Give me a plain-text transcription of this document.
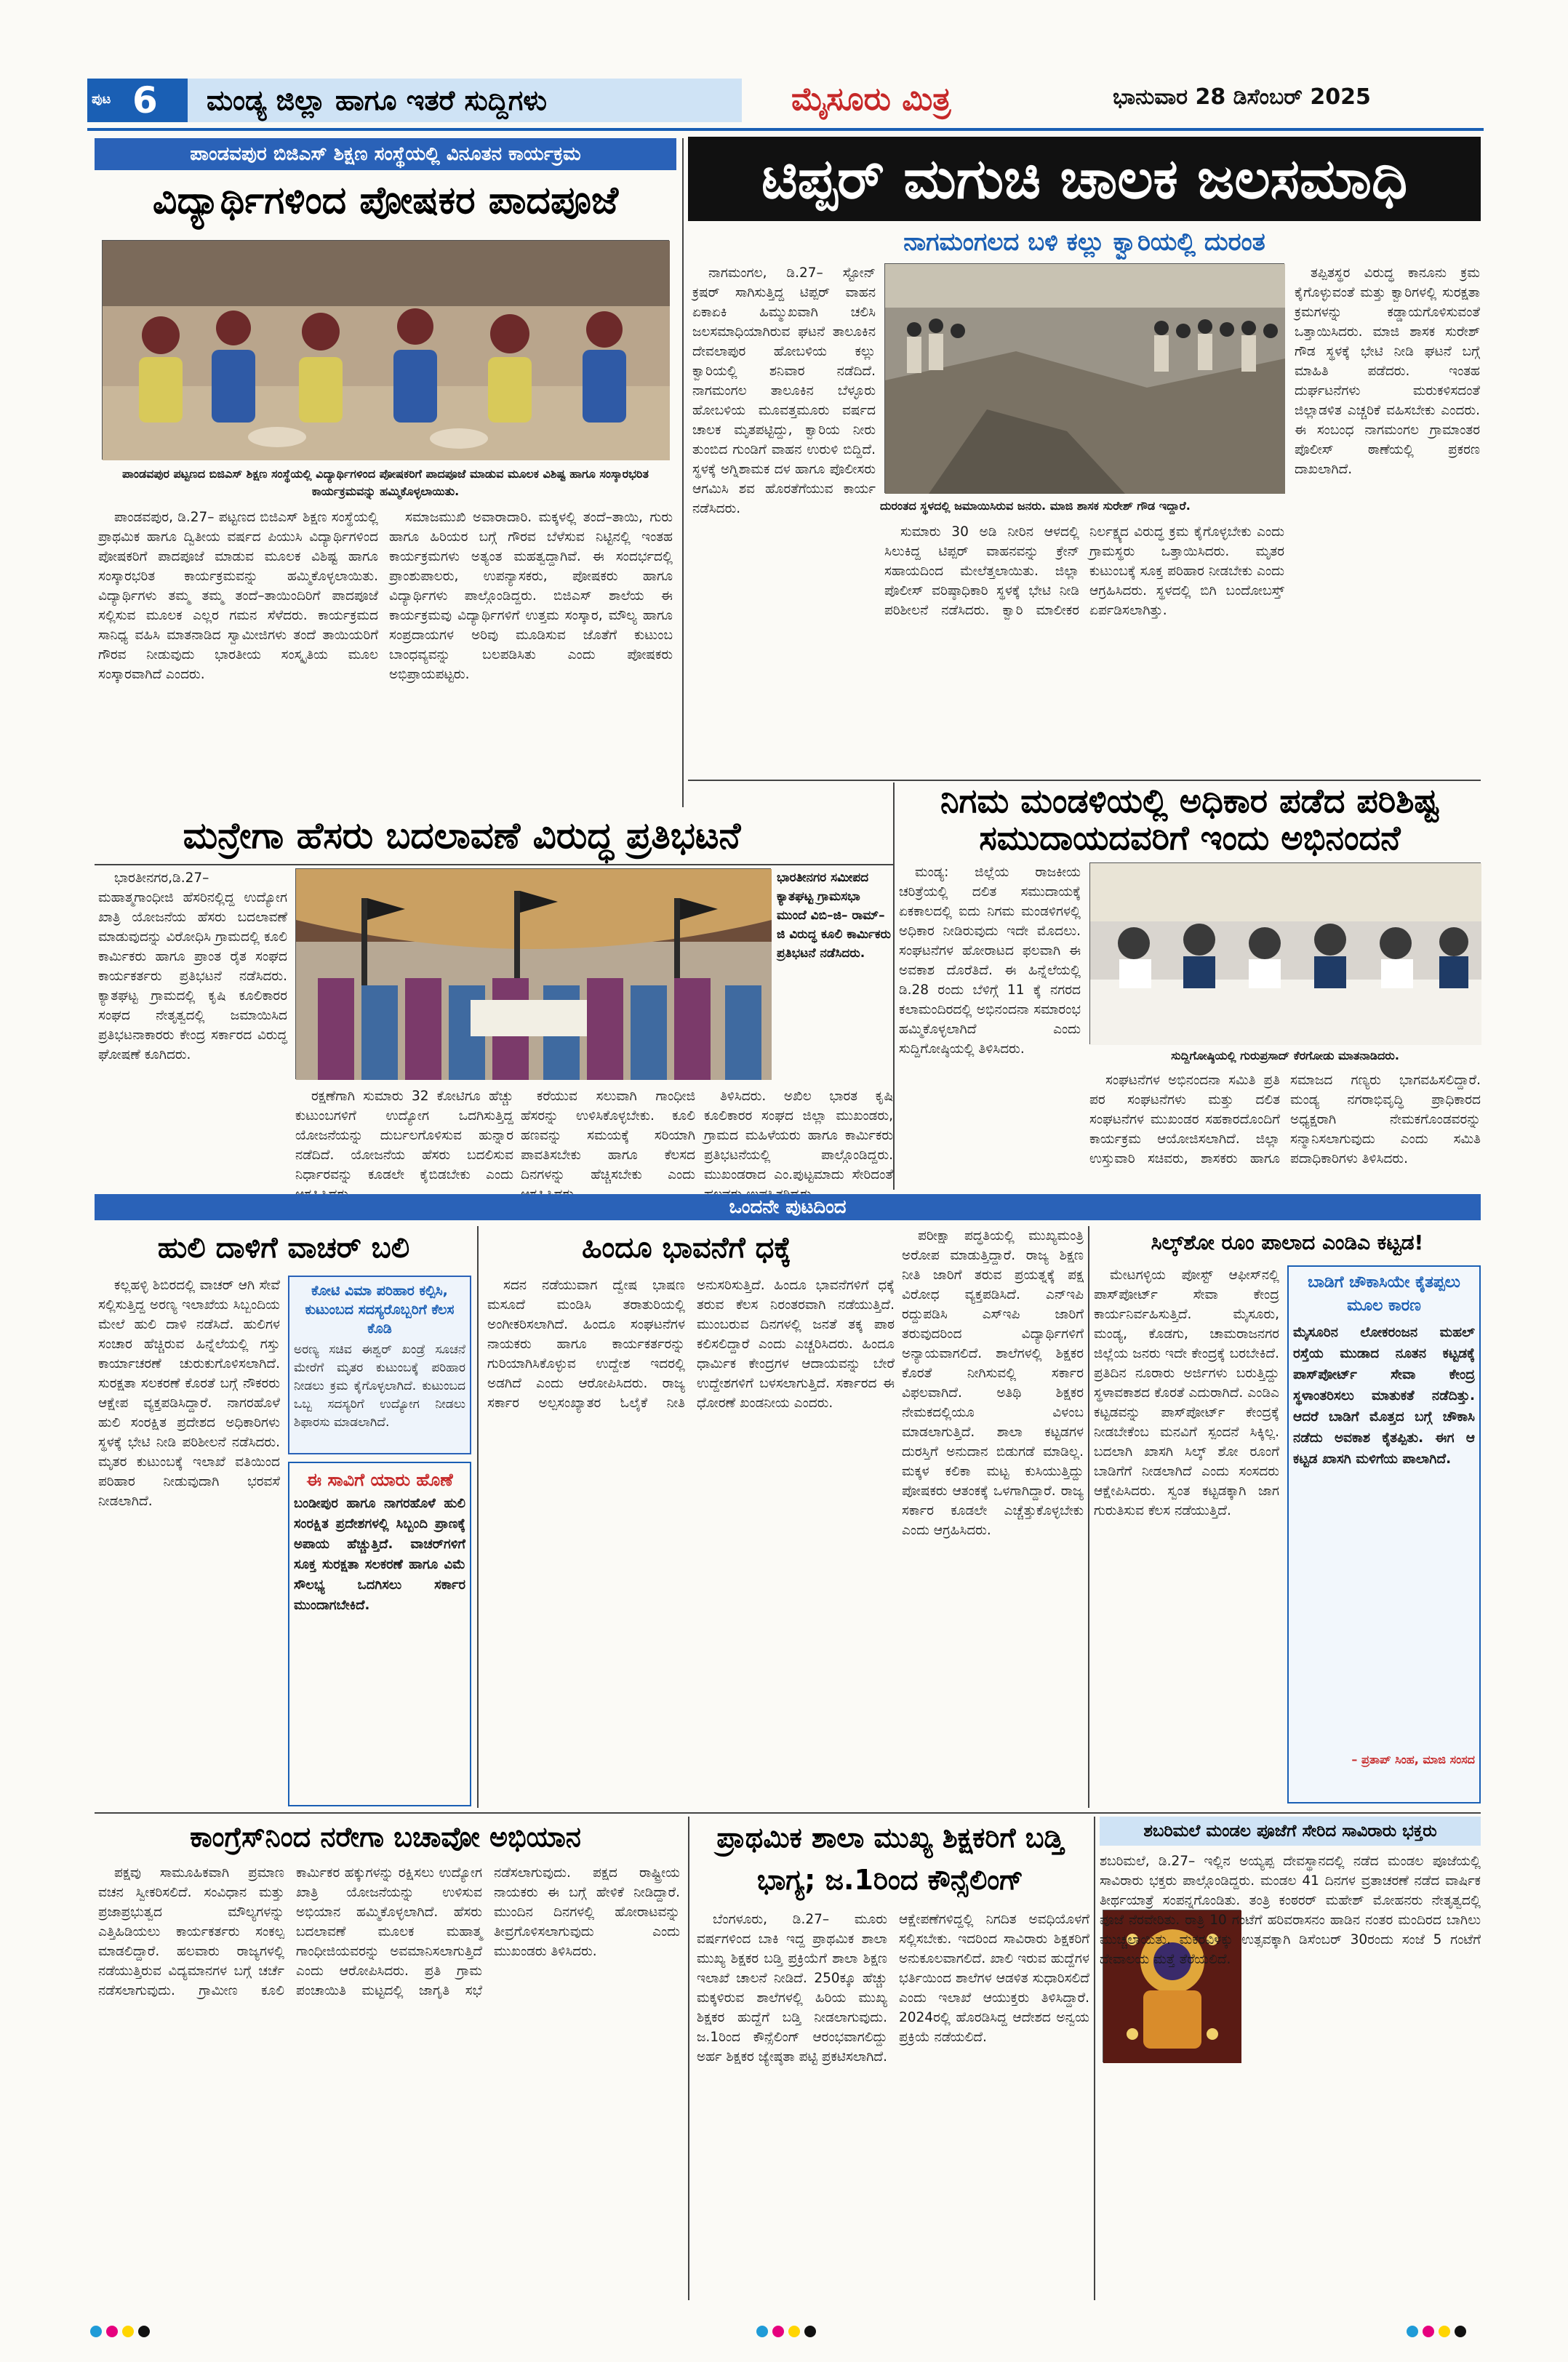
ಪುಟ 6 ಮಂಡ್ಯ ಜಿಲ್ಲಾ ಹಾಗೂ ಇತರೆ ಸುದ್ದಿಗಳು	ಮೈಸೂರು ಮಿತ್ರ	ಭಾನುವಾರ 28 ಡಿಸೆಂಬರ್ 2025
ಪಾಂಡವಪುರ ಬಿಜಿಎಸ್ ಶಿಕ್ಷಣ ಸಂಸ್ಥೆಯಲ್ಲಿ ವಿನೂತನ ಕಾರ್ಯಕ್ರಮ
ವಿದ್ಯಾರ್ಥಿಗಳಿಂದ ಪೋಷಕರ ಪಾದಪೂಜೆ
ಪಾಂಡವಪುರ ಪಟ್ಟಣದ ಬಿಜಿಎಸ್ ಶಿಕ್ಷಣ ಸಂಸ್ಥೆಯಲ್ಲಿ ವಿದ್ಯಾರ್ಥಿಗಳಿಂದ ಪೋಷಕರಿಗೆ ಪಾದಪೂಜೆ ಮಾಡುವ ಮೂಲಕ ವಿಶಿಷ್ಟ ಹಾಗೂ ಸಂಸ್ಕಾರಭರಿತ ಕಾರ್ಯಕ್ರಮವನ್ನು ಹಮ್ಮಿಕೊಳ್ಳಲಾಯಿತು.

ಪಾಂಡವಪುರ, ಡಿ.27– ಪಟ್ಟಣದ ಬಿಜಿಎಸ್ ಶಿಕ್ಷಣ ಸಂಸ್ಥೆಯಲ್ಲಿ ಪ್ರಾಥಮಿಕ ಹಾಗೂ ದ್ವಿತೀಯ ವರ್ಷದ ಪಿಯುಸಿ ವಿದ್ಯಾರ್ಥಿಗಳಿಂದ ಪೋಷಕರಿಗೆ ಪಾದಪೂಜೆ ಮಾಡುವ ಮೂಲಕ ವಿಶಿಷ್ಟ ಹಾಗೂ ಸಂಸ್ಕಾರಭರಿತ ಕಾರ್ಯಕ್ರಮವನ್ನು ಹಮ್ಮಿಕೊಳ್ಳಲಾಯಿತು. ವಿದ್ಯಾರ್ಥಿಗಳು ತಮ್ಮ ತಮ್ಮ ತಂದೆ–ತಾಯಿಂದಿರಿಗೆ ಪಾದಪೂಜೆ ಸಲ್ಲಿಸುವ ಮೂಲಕ ಎಲ್ಲರ ಗಮನ ಸೆಳೆದರು. ಕಾರ್ಯಕ್ರಮದ ಸಾನಿಧ್ಯ ವಹಿಸಿ ಮಾತನಾಡಿದ ಸ್ವಾಮೀಜಿಗಳು ತಂದೆ ತಾಯಿಯರಿಗೆ ಗೌರವ ನೀಡುವುದು ಭಾರತೀಯ ಸಂಸ್ಕೃತಿಯ ಮೂಲ ಸಂಸ್ಕಾರವಾಗಿದೆ ಎಂದರು.

ಸಮಾಜಮುಖಿ ಅವಾರಾದಾರಿ. ಮಕ್ಕಳಲ್ಲಿ ತಂದೆ–ತಾಯಿ, ಗುರು ಹಾಗೂ ಹಿರಿಯರ ಬಗ್ಗೆ ಗೌರವ ಬೆಳೆಸುವ ನಿಟ್ಟಿನಲ್ಲಿ ಇಂತಹ ಕಾರ್ಯಕ್ರಮಗಳು ಅತ್ಯಂತ ಮಹತ್ವದ್ದಾಗಿವೆ. ಈ ಸಂದರ್ಭದಲ್ಲಿ ಪ್ರಾಂಶುಪಾಲರು, ಉಪನ್ಯಾಸಕರು, ಪೋಷಕರು ಹಾಗೂ ವಿದ್ಯಾರ್ಥಿಗಳು ಪಾಲ್ಗೊಂಡಿದ್ದರು. ಬಿಜಿಎಸ್ ಶಾಲೆಯ ಈ ಕಾರ್ಯಕ್ರಮವು ವಿದ್ಯಾರ್ಥಿಗಳಿಗೆ ಉತ್ತಮ ಸಂಸ್ಕಾರ, ಮೌಲ್ಯ ಹಾಗೂ ಸಂಪ್ರದಾಯಗಳ ಅರಿವು ಮೂಡಿಸುವ ಜೊತೆಗೆ ಕುಟುಂಬ ಬಾಂಧವ್ಯವನ್ನು ಬಲಪಡಿಸಿತು ಎಂದು ಪೋಷಕರು ಅಭಿಪ್ರಾಯಪಟ್ಟರು.

ಟಿಪ್ಪರ್ ಮಗುಚಿ ಚಾಲಕ ಜಲಸಮಾಧಿ
ನಾಗಮಂಗಲದ ಬಳಿ ಕಲ್ಲು ಕ್ವಾರಿಯಲ್ಲಿ ದುರಂತ
ದುರಂತದ ಸ್ಥಳದಲ್ಲಿ ಜಮಾಯಿಸಿರುವ ಜನರು. ಮಾಜಿ ಶಾಸಕ ಸುರೇಶ್ ಗೌಡ ಇದ್ದಾರೆ.

ನಾಗಮಂಗಲ, ಡಿ.27– ಸ್ಟೋನ್ ಕ್ರಷರ್ ಸಾಗಿಸುತ್ತಿದ್ದ ಟಿಪ್ಪರ್ ವಾಹನ ಏಕಾಏಕಿ ಹಿಮ್ಮುಖವಾಗಿ ಚಲಿಸಿ ಜಲಸಮಾಧಿಯಾಗಿರುವ ಘಟನೆ ತಾಲೂಕಿನ ದೇವಲಾಪುರ ಹೋಬಳಿಯ ಕಲ್ಲು ಕ್ವಾರಿಯಲ್ಲಿ ಶನಿವಾರ ನಡೆದಿದೆ. ನಾಗಮಂಗಲ ತಾಲೂಕಿನ ಬೆಳ್ಳೂರು ಹೋಬಳಿಯ ಮೂವತ್ತಮೂರು ವರ್ಷದ ಚಾಲಕ ಮೃತಪಟ್ಟಿದ್ದು, ಕ್ವಾರಿಯ ನೀರು ತುಂಬಿದ ಗುಂಡಿಗೆ ವಾಹನ ಉರುಳಿ ಬಿದ್ದಿದೆ. ಸ್ಥಳಕ್ಕೆ ಅಗ್ನಿಶಾಮಕ ದಳ ಹಾಗೂ ಪೊಲೀಸರು ಆಗಮಿಸಿ ಶವ ಹೊರತೆಗೆಯುವ ಕಾರ್ಯ ನಡೆಸಿದರು.

ಸುಮಾರು 30 ಅಡಿ ನೀರಿನ ಆಳದಲ್ಲಿ ಸಿಲುಕಿದ್ದ ಟಿಪ್ಪರ್ ವಾಹನವನ್ನು ಕ್ರೇನ್ ಸಹಾಯದಿಂದ ಮೇಲೆತ್ತಲಾಯಿತು. ಜಿಲ್ಲಾ ಪೊಲೀಸ್ ವರಿಷ್ಠಾಧಿಕಾರಿ ಸ್ಥಳಕ್ಕೆ ಭೇಟಿ ನೀಡಿ ಪರಿಶೀಲನೆ ನಡೆಸಿದರು. ಕ್ವಾರಿ ಮಾಲೀಕರ ನಿರ್ಲಕ್ಷ್ಯದ ವಿರುದ್ಧ ಕ್ರಮ ಕೈಗೊಳ್ಳಬೇಕು ಎಂದು ಗ್ರಾಮಸ್ಥರು ಒತ್ತಾಯಿಸಿದರು. ಮೃತರ ಕುಟುಂಬಕ್ಕೆ ಸೂಕ್ತ ಪರಿಹಾರ ನೀಡಬೇಕು ಎಂದು ಆಗ್ರಹಿಸಿದರು. ಸ್ಥಳದಲ್ಲಿ ಬಿಗಿ ಬಂದೋಬಸ್ತ್ ಏರ್ಪಡಿಸಲಾಗಿತ್ತು.

ತಪ್ಪಿತಸ್ಥರ ವಿರುದ್ಧ ಕಾನೂನು ಕ್ರಮ ಕೈಗೊಳ್ಳುವಂತೆ ಮತ್ತು ಕ್ವಾರಿಗಳಲ್ಲಿ ಸುರಕ್ಷತಾ ಕ್ರಮಗಳನ್ನು ಕಡ್ಡಾಯಗೊಳಿಸುವಂತೆ ಒತ್ತಾಯಿಸಿದರು. ಮಾಜಿ ಶಾಸಕ ಸುರೇಶ್ ಗೌಡ ಸ್ಥಳಕ್ಕೆ ಭೇಟಿ ನೀಡಿ ಘಟನೆ ಬಗ್ಗೆ ಮಾಹಿತಿ ಪಡೆದರು. ಇಂತಹ ದುರ್ಘಟನೆಗಳು ಮರುಕಳಿಸದಂತೆ ಜಿಲ್ಲಾಡಳಿತ ಎಚ್ಚರಿಕೆ ವಹಿಸಬೇಕು ಎಂದರು. ಈ ಸಂಬಂಧ ನಾಗಮಂಗಲ ಗ್ರಾಮಾಂತರ ಪೊಲೀಸ್ ಠಾಣೆಯಲ್ಲಿ ಪ್ರಕರಣ ದಾಖಲಾಗಿದೆ.

ಮನ್ರೇಗಾ ಹೆಸರು ಬದಲಾವಣೆ ವಿರುದ್ಧ ಪ್ರತಿಭಟನೆ
ಭಾರತೀನಗರ ಸಮೀಪದ ಕ್ಯಾತಘಟ್ಟ ಗ್ರಾಮಸಭಾ ಮುಂದೆ ವಿಬಿ–ಜಿ– ರಾಮ್– ಜಿ ವಿರುದ್ಧ ಕೂಲಿ ಕಾರ್ಮಿಕರು ಪ್ರತಿಭಟನೆ ನಡೆಸಿದರು.

ಭಾರತೀನಗರ,ಡಿ.27– ಮಹಾತ್ಮಗಾಂಧೀಜಿ ಹೆಸರಿನಲ್ಲಿದ್ದ ಉದ್ಯೋಗ ಖಾತ್ರಿ ಯೋಜನೆಯ ಹೆಸರು ಬದಲಾವಣೆ ಮಾಡುವುದನ್ನು ವಿರೋಧಿಸಿ ಗ್ರಾಮದಲ್ಲಿ ಕೂಲಿ ಕಾರ್ಮಿಕರು ಹಾಗೂ ಪ್ರಾಂತ ರೈತ ಸಂಘದ ಕಾರ್ಯಕರ್ತರು ಪ್ರತಿಭಟನೆ ನಡೆಸಿದರು. ಕ್ಯಾತಘಟ್ಟ ಗ್ರಾಮದಲ್ಲಿ ಕೃಷಿ ಕೂಲಿಕಾರರ ಸಂಘದ ನೇತೃತ್ವದಲ್ಲಿ ಜಮಾಯಿಸಿದ ಪ್ರತಿಭಟನಾಕಾರರು ಕೇಂದ್ರ ಸರ್ಕಾರದ ವಿರುದ್ಧ ಘೋಷಣೆ ಕೂಗಿದರು.

ರಕ್ಷಣೆಗಾಗಿ ಸುಮಾರು 32 ಕೋಟಿಗೂ ಹೆಚ್ಚು ಕುಟುಂಬಗಳಿಗೆ ಉದ್ಯೋಗ ಒದಗಿಸುತ್ತಿದ್ದ ಯೋಜನೆಯನ್ನು ದುರ್ಬಲಗೊಳಿಸುವ ಹುನ್ನಾರ ನಡೆದಿದೆ. ಯೋಜನೆಯ ಹೆಸರು ಬದಲಿಸುವ ನಿರ್ಧಾರವನ್ನು ಕೂಡಲೇ ಕೈಬಿಡಬೇಕು ಎಂದು

ಕರೆಯುವ ಸಲುವಾಗಿ ಗಾಂಧೀಜಿ ಹೆಸರನ್ನು ಉಳಿಸಿಕೊಳ್ಳಬೇಕು. ಕೂಲಿ ಹಣವನ್ನು ಸಮಯಕ್ಕೆ ಸರಿಯಾಗಿ ಪಾವತಿಸಬೇಕು ಹಾಗೂ ಕೆಲಸದ ದಿನಗಳನ್ನು ಹೆಚ್ಚಿಸಬೇಕು ಎಂದು

ತಿಳಿಸಿದರು. ಅಖಿಲ ಭಾರತ ಕೃಷಿ ಕೂಲಿಕಾರರ ಸಂಘದ ಜಿಲ್ಲಾ ಮುಖಂಡರು, ಗ್ರಾಮದ ಮಹಿಳೆಯರು ಹಾಗೂ ಕಾರ್ಮಿಕರು ಪ್ರತಿಭಟನೆಯಲ್ಲಿ ಪಾಲ್ಗೊಂಡಿದ್ದರು. ಮುಖಂಡರಾದ ಎಂ.ಪುಟ್ಟಮಾದು ಸೇರಿದಂತೆ

ನಿಗಮ ಮಂಡಳಿಯಲ್ಲಿ ಅಧಿಕಾರ ಪಡೆದ ಪರಿಶಿಷ್ಟ ಸಮುದಾಯದವರಿಗೆ ಇಂದು ಅಭಿನಂದನೆ

ಮಂಡ್ಯ: ಜಿಲ್ಲೆಯ ರಾಜಕೀಯ ಚರಿತ್ರೆಯಲ್ಲಿ ದಲಿತ ಸಮುದಾಯಕ್ಕೆ ಏಕಕಾಲದಲ್ಲಿ ಐದು ನಿಗಮ ಮಂಡಳಿಗಳಲ್ಲಿ ಅಧಿಕಾರ ನೀಡಿರುವುದು ಇದೇ ಮೊದಲು. ಸಂಘಟನೆಗಳ ಹೋರಾಟದ ಫಲವಾಗಿ ಈ ಅವಕಾಶ ದೊರೆತಿದೆ. ಈ ಹಿನ್ನೆಲೆಯಲ್ಲಿ ಡಿ.28 ರಂದು ಬೆಳಿಗ್ಗೆ 11 ಕ್ಕೆ ನಗರದ ಕಲಾಮಂದಿರದಲ್ಲಿ ಅಭಿನಂದನಾ ಸಮಾರಂಭ ಹಮ್ಮಿಕೊಳ್ಳಲಾಗಿದೆ ಎಂದು ಸುದ್ದಿಗೋಷ್ಠಿಯಲ್ಲಿ ತಿಳಿಸಿದರು.	ಸುದ್ದಿಗೋಷ್ಠಿಯಲ್ಲಿ ಗುರುಪ್ರಸಾದ್ ಕೆರಗೋಡು ಮಾತನಾಡಿದರು.

ಸಂಘಟನೆಗಳ ಅಭಿನಂದನಾ ಸಮಿತಿ ಪ್ರತಿ ಪರ ಸಂಘಟನೆಗಳು ಮತ್ತು ದಲಿತ ಸಂಘಟನೆಗಳ ಮುಖಂಡರ ಸಹಕಾರದೊಂದಿಗೆ ಕಾರ್ಯಕ್ರಮ ಆಯೋಜಿಸಲಾಗಿದೆ. ಜಿಲ್ಲಾ ಉಸ್ತುವಾರಿ ಸಚಿವರು, ಶಾಸಕರು ಹಾಗೂ ಸಮಾಜದ ಗಣ್ಯರು ಭಾಗವಹಿಸಲಿದ್ದಾರೆ. ಮಂಡ್ಯ ನಗರಾಭಿವೃದ್ಧಿ ಪ್ರಾಧಿಕಾರದ ಅಧ್ಯಕ್ಷರಾಗಿ ನೇಮಕಗೊಂಡವರನ್ನು ಸನ್ಮಾನಿಸಲಾಗುವುದು ಎಂದು ಸಮಿತಿ ಪದಾಧಿಕಾರಿಗಳು ತಿಳಿಸಿದರು.

ಒಂದನೇ ಪುಟದಿಂದ
ಹುಲಿ ದಾಳಿಗೆ ವಾಚರ್ ಬಲಿ

ಕಲ್ಲಹಳ್ಳಿ ಶಿಬಿರದಲ್ಲಿ ವಾಚರ್ ಆಗಿ ಸೇವೆ ಸಲ್ಲಿಸುತ್ತಿದ್ದ ಅರಣ್ಯ ಇಲಾಖೆಯ ಸಿಬ್ಬಂದಿಯ ಮೇಲೆ ಹುಲಿ ದಾಳಿ ನಡೆಸಿದೆ. ಹುಲಿಗಳ ಸಂಚಾರ ಹೆಚ್ಚಿರುವ ಹಿನ್ನೆಲೆಯಲ್ಲಿ ಗಸ್ತು ಕಾರ್ಯಾಚರಣೆ ಚುರುಕುಗೊಳಿಸಲಾಗಿದೆ. ಸುರಕ್ಷತಾ ಸಲಕರಣೆ ಕೊರತೆ ಬಗ್ಗೆ ನೌಕರರು ಆಕ್ಷೇಪ ವ್ಯಕ್ತಪಡಿಸಿದ್ದಾರೆ. ನಾಗರಹೊಳೆ ಹುಲಿ ಸಂರಕ್ಷಿತ ಪ್ರದೇಶದ ಅಧಿಕಾರಿಗಳು ಸ್ಥಳಕ್ಕೆ ಭೇಟಿ ನೀಡಿ ಪರಿಶೀಲನೆ ನಡೆಸಿದರು. ಮೃತರ ಕುಟುಂಬಕ್ಕೆ ಇಲಾಖೆ ವತಿಯಿಂದ ಪರಿಹಾರ ನೀಡುವುದಾಗಿ ಭರವಸೆ ನೀಡಲಾಗಿದೆ.

ಕೋಟಿ ವಿಮಾ ಪರಿಹಾರ ಕಲ್ಪಿಸಿ, ಕುಟುಂಬದ ಸದಸ್ಯರೊಬ್ಬರಿಗೆ ಕೆಲಸ ಕೊಡಿ
ಅರಣ್ಯ ಸಚಿವ ಈಶ್ವರ್ ಖಂಡ್ರೆ ಸೂಚನೆ ಮೇರೆಗೆ ಮೃತರ ಕುಟುಂಬಕ್ಕೆ ಪರಿಹಾರ ನೀಡಲು ಕ್ರಮ ಕೈಗೊಳ್ಳಲಾಗಿದೆ. ಕುಟುಂಬದ ಒಬ್ಬ ಸದಸ್ಯರಿಗೆ ಉದ್ಯೋಗ ನೀಡಲು ಶಿಫಾರಸು ಮಾಡಲಾಗಿದೆ.
ಈ ಸಾವಿಗೆ ಯಾರು ಹೊಣೆ
ಬಂಡೀಪುರ ಹಾಗೂ ನಾಗರಹೊಳೆ ಹುಲಿ ಸಂರಕ್ಷಿತ ಪ್ರದೇಶಗಳಲ್ಲಿ ಸಿಬ್ಬಂದಿ ಪ್ರಾಣಕ್ಕೆ ಅಪಾಯ ಹೆಚ್ಚುತ್ತಿದೆ. ವಾಚರ್‌ಗಳಿಗೆ ಸೂಕ್ತ ಸುರಕ್ಷತಾ ಸಲಕರಣೆ ಹಾಗೂ ವಿಮೆ ಸೌಲಭ್ಯ ಒದಗಿಸಲು ಸರ್ಕಾರ ಮುಂದಾಗಬೇಕಿದೆ.
ಹಿಂದೂ ಭಾವನೆಗೆ ಧಕ್ಕೆ

ಸದನ ನಡೆಯುವಾಗ ದ್ವೇಷ ಭಾಷಣ ಮಸೂದೆ ಮಂಡಿಸಿ ತರಾತುರಿಯಲ್ಲಿ ಅಂಗೀಕರಿಸಲಾಗಿದೆ. ಹಿಂದೂ ಸಂಘಟನೆಗಳ ನಾಯಕರು ಹಾಗೂ ಕಾರ್ಯಕರ್ತರನ್ನು ಗುರಿಯಾಗಿಸಿಕೊಳ್ಳುವ ಉದ್ದೇಶ ಇದರಲ್ಲಿ ಅಡಗಿದೆ ಎಂದು ಆರೋಪಿಸಿದರು. ರಾಜ್ಯ ಸರ್ಕಾರ ಅಲ್ಪಸಂಖ್ಯಾತರ ಓಲೈಕೆ ನೀತಿ ಅನುಸರಿಸುತ್ತಿದೆ. ಹಿಂದೂ ಭಾವನೆಗಳಿಗೆ ಧಕ್ಕೆ ತರುವ ಕೆಲಸ ನಿರಂತರವಾಗಿ ನಡೆಯುತ್ತಿದೆ. ಮುಂಬರುವ ದಿನಗಳಲ್ಲಿ ಜನತೆ ತಕ್ಕ ಪಾಠ ಕಲಿಸಲಿದ್ದಾರೆ ಎಂದು ಎಚ್ಚರಿಸಿದರು. ಹಿಂದೂ ಧಾರ್ಮಿಕ ಕೇಂದ್ರಗಳ ಆದಾಯವನ್ನು ಬೇರೆ ಉದ್ದೇಶಗಳಿಗೆ ಬಳಸಲಾಗುತ್ತಿದೆ. ಸರ್ಕಾರದ ಈ ಧೋರಣೆ ಖಂಡನೀಯ ಎಂದರು.

ಪರೀಕ್ಷಾ ಪದ್ಧತಿಯಲ್ಲಿ ಮುಖ್ಯಮಂತ್ರಿ ಅರೋಪ ಮಾಡುತ್ತಿದ್ದಾರೆ. ರಾಜ್ಯ ಶಿಕ್ಷಣ ನೀತಿ ಜಾರಿಗೆ ತರುವ ಪ್ರಯತ್ನಕ್ಕೆ ಪಕ್ಷ ವಿರೋಧ ವ್ಯಕ್ತಪಡಿಸಿದೆ. ಎನ್‌ಇಪಿ ರದ್ದುಪಡಿಸಿ ಎಸ್‌ಇಪಿ ಜಾರಿಗೆ ತರುವುದರಿಂದ ವಿದ್ಯಾರ್ಥಿಗಳಿಗೆ ಅನ್ಯಾಯವಾಗಲಿದೆ. ಶಾಲೆಗಳಲ್ಲಿ ಶಿಕ್ಷಕರ ಕೊರತೆ ನೀಗಿಸುವಲ್ಲಿ ಸರ್ಕಾರ ವಿಫಲವಾಗಿದೆ. ಅತಿಥಿ ಶಿಕ್ಷಕರ ನೇಮಕದಲ್ಲಿಯೂ ವಿಳಂಬ ಮಾಡಲಾಗುತ್ತಿದೆ. ಶಾಲಾ ಕಟ್ಟಡಗಳ ದುರಸ್ತಿಗೆ ಅನುದಾನ ಬಿಡುಗಡೆ ಮಾಡಿಲ್ಲ. ಮಕ್ಕಳ ಕಲಿಕಾ ಮಟ್ಟ ಕುಸಿಯುತ್ತಿದ್ದು ಪೋಷಕರು ಆತಂಕಕ್ಕೆ ಒಳಗಾಗಿದ್ದಾರೆ. ರಾಜ್ಯ ಸರ್ಕಾರ ಕೂಡಲೇ ಎಚ್ಚೆತ್ತುಕೊಳ್ಳಬೇಕು ಎಂದು ಆಗ್ರಹಿಸಿದರು.

ಸಿಲ್ಕ್‌ಶೋ ರೂಂ ಪಾಲಾದ ಎಂಡಿಎ ಕಟ್ಟಡ!

ಮೇಟಗಳ್ಳಿಯ ಪೋಸ್ಟ್ ಆಫೀಸ್‌ನಲ್ಲಿ ಪಾಸ್‌ಪೋರ್ಟ್ ಸೇವಾ ಕೇಂದ್ರ ಕಾರ್ಯನಿರ್ವಹಿಸುತ್ತಿದೆ. ಮೈಸೂರು, ಮಂಡ್ಯ, ಕೊಡಗು, ಚಾಮರಾಜನಗರ ಜಿಲ್ಲೆಯ ಜನರು ಇದೇ ಕೇಂದ್ರಕ್ಕೆ ಬರಬೇಕಿದೆ. ಪ್ರತಿದಿನ ನೂರಾರು ಅರ್ಜಿಗಳು ಬರುತ್ತಿದ್ದು ಸ್ಥಳಾವಕಾಶದ ಕೊರತೆ ಎದುರಾಗಿದೆ. ಎಂಡಿಎ ಕಟ್ಟಡವನ್ನು ಪಾಸ್‌ಪೋರ್ಟ್ ಕೇಂದ್ರಕ್ಕೆ ನೀಡಬೇಕೆಂಬ ಮನವಿಗೆ ಸ್ಪಂದನೆ ಸಿಕ್ಕಿಲ್ಲ. ಬದಲಾಗಿ ಖಾಸಗಿ ಸಿಲ್ಕ್ ಶೋ ರೂಂಗೆ ಬಾಡಿಗೆಗೆ ನೀಡಲಾಗಿದೆ ಎಂದು ಸಂಸದರು ಆಕ್ಷೇಪಿಸಿದರು. ಸ್ವಂತ ಕಟ್ಟಡಕ್ಕಾಗಿ ಜಾಗ ಗುರುತಿಸುವ ಕೆಲಸ ನಡೆಯುತ್ತಿದೆ.

ಬಾಡಿಗೆ ಚೌಕಾಸಿಯೇ ಕೈತಪ್ಪಲು ಮೂಲ ಕಾರಣ
ಮೈಸೂರಿನ ಲೋಕರಂಜನ ಮಹಲ್ ರಸ್ತೆಯ ಮುಡಾದ ನೂತನ ಕಟ್ಟಡಕ್ಕೆ ಪಾಸ್‌ಪೋರ್ಟ್ ಸೇವಾ ಕೇಂದ್ರ ಸ್ಥಳಾಂತರಿಸಲು ಮಾತುಕತೆ ನಡೆದಿತ್ತು. ಆದರೆ ಬಾಡಿಗೆ ಮೊತ್ತದ ಬಗ್ಗೆ ಚೌಕಾಸಿ ನಡೆದು ಅವಕಾಶ ಕೈತಪ್ಪಿತು. ಈಗ ಆ ಕಟ್ಟಡ ಖಾಸಗಿ ಮಳಿಗೆಯ ಪಾಲಾಗಿದೆ.
– ಪ್ರತಾಪ್ ಸಿಂಹ, ಮಾಜಿ ಸಂಸದ
ಕಾಂಗ್ರೆಸ್‌ನಿಂದ ನರೇಗಾ ಬಚಾವೋ ಅಭಿಯಾನ

ಪಕ್ಷವು ಸಾಮೂಹಿಕವಾಗಿ ಪ್ರಮಾಣ ವಚನ ಸ್ವೀಕರಿಸಲಿದೆ. ಸಂವಿಧಾನ ಮತ್ತು ಪ್ರಜಾಪ್ರಭುತ್ವದ ಮೌಲ್ಯಗಳನ್ನು ಎತ್ತಿಹಿಡಿಯಲು ಕಾರ್ಯಕರ್ತರು ಸಂಕಲ್ಪ ಮಾಡಲಿದ್ದಾರೆ. ಹಲವಾರು ರಾಜ್ಯಗಳಲ್ಲಿ ನಡೆಯುತ್ತಿರುವ ವಿದ್ಯಮಾನಗಳ ಬಗ್ಗೆ ಚರ್ಚೆ ನಡೆಸಲಾಗುವುದು. ಗ್ರಾಮೀಣ ಕೂಲಿ ಕಾರ್ಮಿಕರ ಹಕ್ಕುಗಳನ್ನು ರಕ್ಷಿಸಲು ಉದ್ಯೋಗ ಖಾತ್ರಿ ಯೋಜನೆಯನ್ನು ಉಳಿಸುವ ಅಭಿಯಾನ ಹಮ್ಮಿಕೊಳ್ಳಲಾಗಿದೆ. ಹೆಸರು ಬದಲಾವಣೆ ಮೂಲಕ ಮಹಾತ್ಮ ಗಾಂಧೀಜಿಯವರನ್ನು ಅವಮಾನಿಸಲಾಗುತ್ತಿದೆ ಎಂದು ಆರೋಪಿಸಿದರು. ಪ್ರತಿ ಗ್ರಾಮ ಪಂಚಾಯಿತಿ ಮಟ್ಟದಲ್ಲಿ ಜಾಗೃತಿ ಸಭೆ ನಡೆಸಲಾಗುವುದು. ಪಕ್ಷದ ರಾಷ್ಟ್ರೀಯ ನಾಯಕರು ಈ ಬಗ್ಗೆ ಹೇಳಿಕೆ ನೀಡಿದ್ದಾರೆ. ಮುಂದಿನ ದಿನಗಳಲ್ಲಿ ಹೋರಾಟವನ್ನು ತೀವ್ರಗೊಳಿಸಲಾಗುವುದು ಎಂದು ಮುಖಂಡರು ತಿಳಿಸಿದರು.

ಪ್ರಾಥಮಿಕ ಶಾಲಾ ಮುಖ್ಯ ಶಿಕ್ಷಕರಿಗೆ ಬಡ್ತಿ ಭಾಗ್ಯ; ಜ.1ರಿಂದ ಕೌನ್ಸೆಲಿಂಗ್

ಬೆಂಗಳೂರು, ಡಿ.27– ಮೂರು ವರ್ಷಗಳಿಂದ ಬಾಕಿ ಇದ್ದ ಪ್ರಾಥಮಿಕ ಶಾಲಾ ಮುಖ್ಯ ಶಿಕ್ಷಕರ ಬಡ್ತಿ ಪ್ರಕ್ರಿಯೆಗೆ ಶಾಲಾ ಶಿಕ್ಷಣ ಇಲಾಖೆ ಚಾಲನೆ ನೀಡಿದೆ. 250ಕ್ಕೂ ಹೆಚ್ಚು ಮಕ್ಕಳಿರುವ ಶಾಲೆಗಳಲ್ಲಿ ಹಿರಿಯ ಮುಖ್ಯ ಶಿಕ್ಷಕರ ಹುದ್ದೆಗೆ ಬಡ್ತಿ ನೀಡಲಾಗುವುದು. ಜ.1ರಿಂದ ಕೌನ್ಸೆಲಿಂಗ್ ಆರಂಭವಾಗಲಿದ್ದು ಅರ್ಹ ಶಿಕ್ಷಕರ ಜ್ಯೇಷ್ಠತಾ ಪಟ್ಟಿ ಪ್ರಕಟಿಸಲಾಗಿದೆ. ಆಕ್ಷೇಪಣೆಗಳಿದ್ದಲ್ಲಿ ನಿಗದಿತ ಅವಧಿಯೊಳಗೆ ಸಲ್ಲಿಸಬೇಕು. ಇದರಿಂದ ಸಾವಿರಾರು ಶಿಕ್ಷಕರಿಗೆ ಅನುಕೂಲವಾಗಲಿದೆ. ಖಾಲಿ ಇರುವ ಹುದ್ದೆಗಳ ಭರ್ತಿಯಿಂದ ಶಾಲೆಗಳ ಆಡಳಿತ ಸುಧಾರಿಸಲಿದೆ ಎಂದು ಇಲಾಖೆ ಆಯುಕ್ತರು ತಿಳಿಸಿದ್ದಾರೆ. 2024ರಲ್ಲಿ ಹೊರಡಿಸಿದ್ದ ಆದೇಶದ ಅನ್ವಯ ಪ್ರಕ್ರಿಯೆ ನಡೆಯಲಿದೆ.

ಶಬರಿಮಲೆ ಮಂಡಲ ಪೂಜೆಗೆ ಸೇರಿದ ಸಾವಿರಾರು ಭಕ್ತರು

ಶಬರಿಮಲೆ, ಡಿ.27– ಇಲ್ಲಿನ ಅಯ್ಯಪ್ಪ ದೇವಸ್ಥಾನದಲ್ಲಿ ನಡೆದ ಮಂಡಲ ಪೂಜೆಯಲ್ಲಿ ಸಾವಿರಾರು ಭಕ್ತರು ಪಾಲ್ಗೊಂಡಿದ್ದರು. ಮಂಡಲ 41 ದಿನಗಳ ವ್ರತಾಚರಣೆ ನಡೆದ ವಾರ್ಷಿಕ ತೀರ್ಥಯಾತ್ರೆ ಸಂಪನ್ನಗೊಂಡಿತು. ತಂತ್ರಿ ಕಂಠರರ್ ಮಹೇಶ್ ಮೋಹನರು ನೇತೃತ್ವದಲ್ಲಿ ಪೂಜೆ ನೆರವೇರಿತು. ರಾತ್ರಿ 10 ಗಂಟೆಗೆ ಹರಿವರಾಸನಂ ಹಾಡಿನ ನಂತರ ಮಂದಿರದ ಬಾಗಿಲು ಮುಚ್ಚಲಾಯಿತು. ಮಕರವಿಳಕ್ಕು ಉತ್ಸವಕ್ಕಾಗಿ ಡಿಸೆಂಬರ್ 30ರಂದು ಸಂಜೆ 5 ಗಂಟೆಗೆ ದೇವಾಲಯ ಮತ್ತೆ ತೆರೆಯಲಿದೆ.
